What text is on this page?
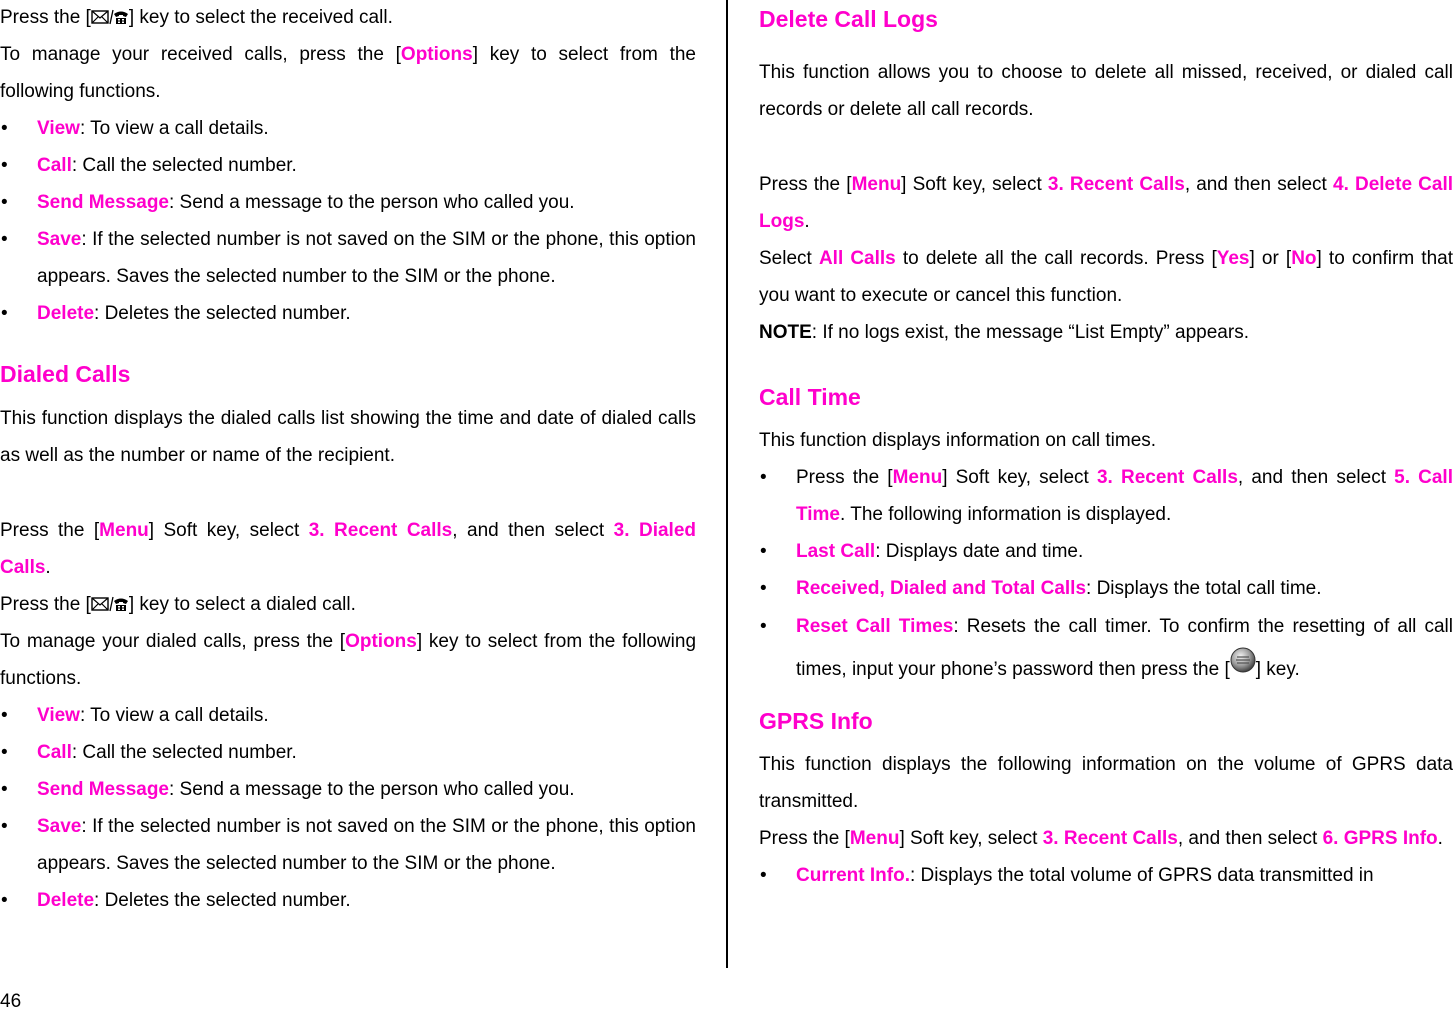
Press the [ ] key to select the received call.

To manage your received calls, press the [Options] key to select from the following functions.

• View: To view a call details.
• Call: Call the selected number.
• Send Message: Send a message to the person who called you.
• Save: If the selected number is not saved on the SIM or the phone, this option appears. Saves the selected number to the SIM or the phone.
• Delete: Deletes the selected number.
Dialed Calls

This function displays the dialed calls list showing the time and date of dialed calls as well as the number or name of the recipient.

Press the [Menu] Soft key, select 3. Recent Calls, and then select 3. Dialed Calls.

Press the [ ] key to select a dialed call.

To manage your dialed calls, press the [Options] key to select from the following functions.

• View: To view a call details.
• Call: Call the selected number.
• Send Message: Send a message to the person who called you.
• Save: If the selected number is not saved on the SIM or the phone, this option appears. Saves the selected number to the SIM or the phone.
• Delete: Deletes the selected number.
Delete Call Logs

This function allows you to choose to delete all missed, received, or dialed call records or delete all call records.

Press the [Menu] Soft key, select 3. Recent Calls, and then select 4. Delete Call Logs.

Select All Calls to delete all the call records. Press [Yes] or [No] to confirm that you want to execute or cancel this function.

NOTE: If no logs exist, the message “List Empty” appears.

Call Time

This function displays information on call times.

• Press the [Menu] Soft key, select 3. Recent Calls, and then select 5. Call Time. The following information is displayed.
• Last Call: Displays date and time.
• Received, Dialed and Total Calls: Displays the total call time.
• Reset Call Times: Resets the call timer. To confirm the resetting of all call times, input your phone’s password then press the [ ] key.
GPRS Info

This function displays the following information on the volume of GPRS data transmitted.

Press the [Menu] Soft key, select 3. Recent Calls, and then select 6. GPRS Info.

• Current Info.: Displays the total volume of GPRS data transmitted in
46
